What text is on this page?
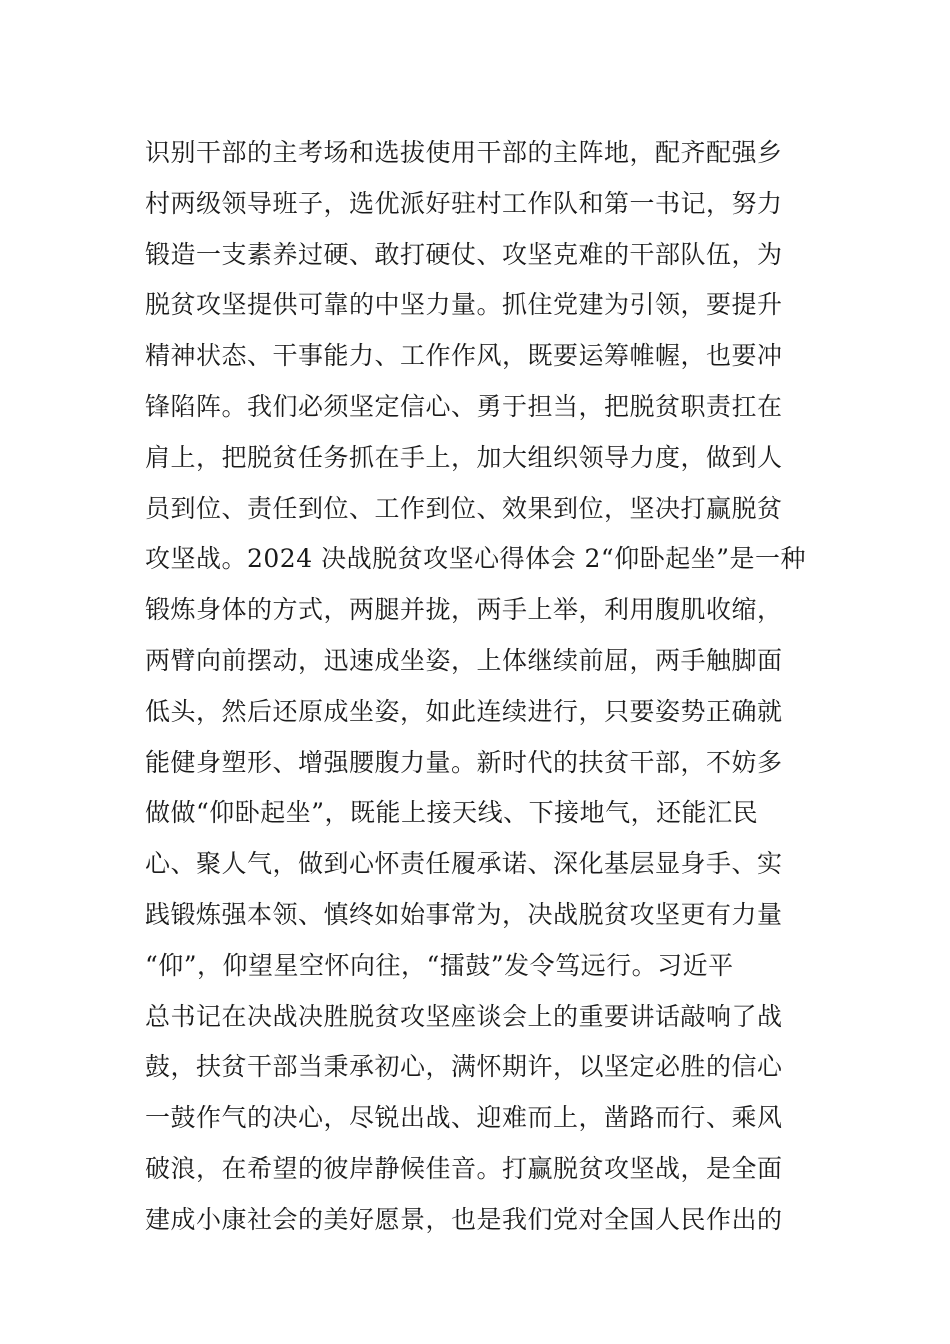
识别干部的主考场和选拔使用干部的主阵地，配齐配强乡
村两级领导班子，选优派好驻村工作队和第一书记，努力
锻造一支素养过硬、敢打硬仗、攻坚克难的干部队伍，为
脱贫攻坚提供可靠的中坚力量。抓住党建为引领，要提升
精神状态、干事能力、工作作风，既要运筹帷幄，也要冲
锋陷阵。我们必须坚定信心、勇于担当，把脱贫职责扛在
肩上，把脱贫任务抓在手上，加大组织领导力度，做到人
员到位、责任到位、工作到位、效果到位，坚决打赢脱贫
攻坚战。2024 决战脱贫攻坚心得体会 2“仰卧起坐”是一种
锻炼身体的方式，两腿并拢，两手上举，利用腹肌收缩，
两臂向前摆动，迅速成坐姿，上体继续前屈，两手触脚面
低头，然后还原成坐姿，如此连续进行，只要姿势正确就
能健身塑形、增强腰腹力量。新时代的扶贫干部，不妨多
做做“仰卧起坐”，既能上接天线、下接地气，还能汇民
心、聚人气，做到心怀责任履承诺、深化基层显身手、实
践锻炼强本领、慎终如始事常为，决战脱贫攻坚更有力量
“仰”，仰望星空怀向往，“擂鼓”发令笃远行。习近平
总书记在决战决胜脱贫攻坚座谈会上的重要讲话敲响了战
鼓，扶贫干部当秉承初心，满怀期许，以坚定必胜的信心
一鼓作气的决心，尽锐出战、迎难而上，凿路而行、乘风
破浪，在希望的彼岸静候佳音。打赢脱贫攻坚战，是全面
建成小康社会的美好愿景，也是我们党对全国人民作出的
